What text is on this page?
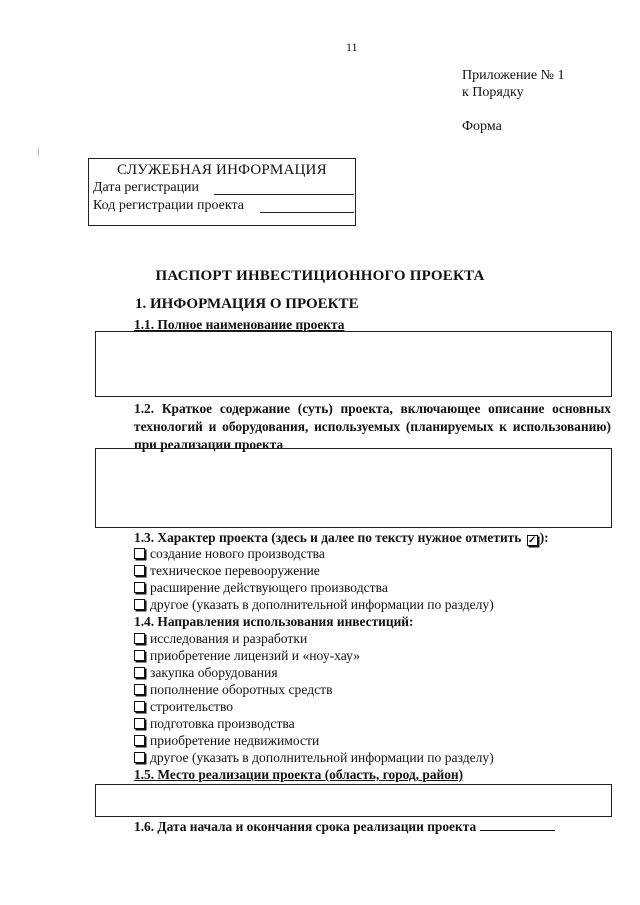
11
Приложение № 1
к Порядку
Форма
СЛУЖЕБНАЯ ИНФОРМАЦИЯ
Дата регистрации
Код регистрации проекта
ПАСПОРТ ИНВЕСТИЦИОННОГО ПРОЕКТА
1. ИНФОРМАЦИЯ О ПРОЕКТЕ
1.1. Полное наименование проекта
1.2. Краткое содержание (суть) проекта, включающее описание основных технологий и оборудования, используемых (планируемых к использованию) при реализации проекта
1.3. Характер проекта (здесь и далее по тексту нужное отметить ✓ ):
создание нового производства
техническое перевооружение
расширение действующего производства
другое (указать в дополнительной информации по разделу)
1.4. Направления использования инвестиций:
исследования и разработки
приобретение лицензий и «ноу-хау»
закупка оборудования
пополнение оборотных средств
строительство
подготовка производства
приобретение недвижимости
другое (указать в дополнительной информации по разделу)
1.5. Место реализации проекта (область, город, район)
1.6. Дата начала и окончания срока реализации проекта
